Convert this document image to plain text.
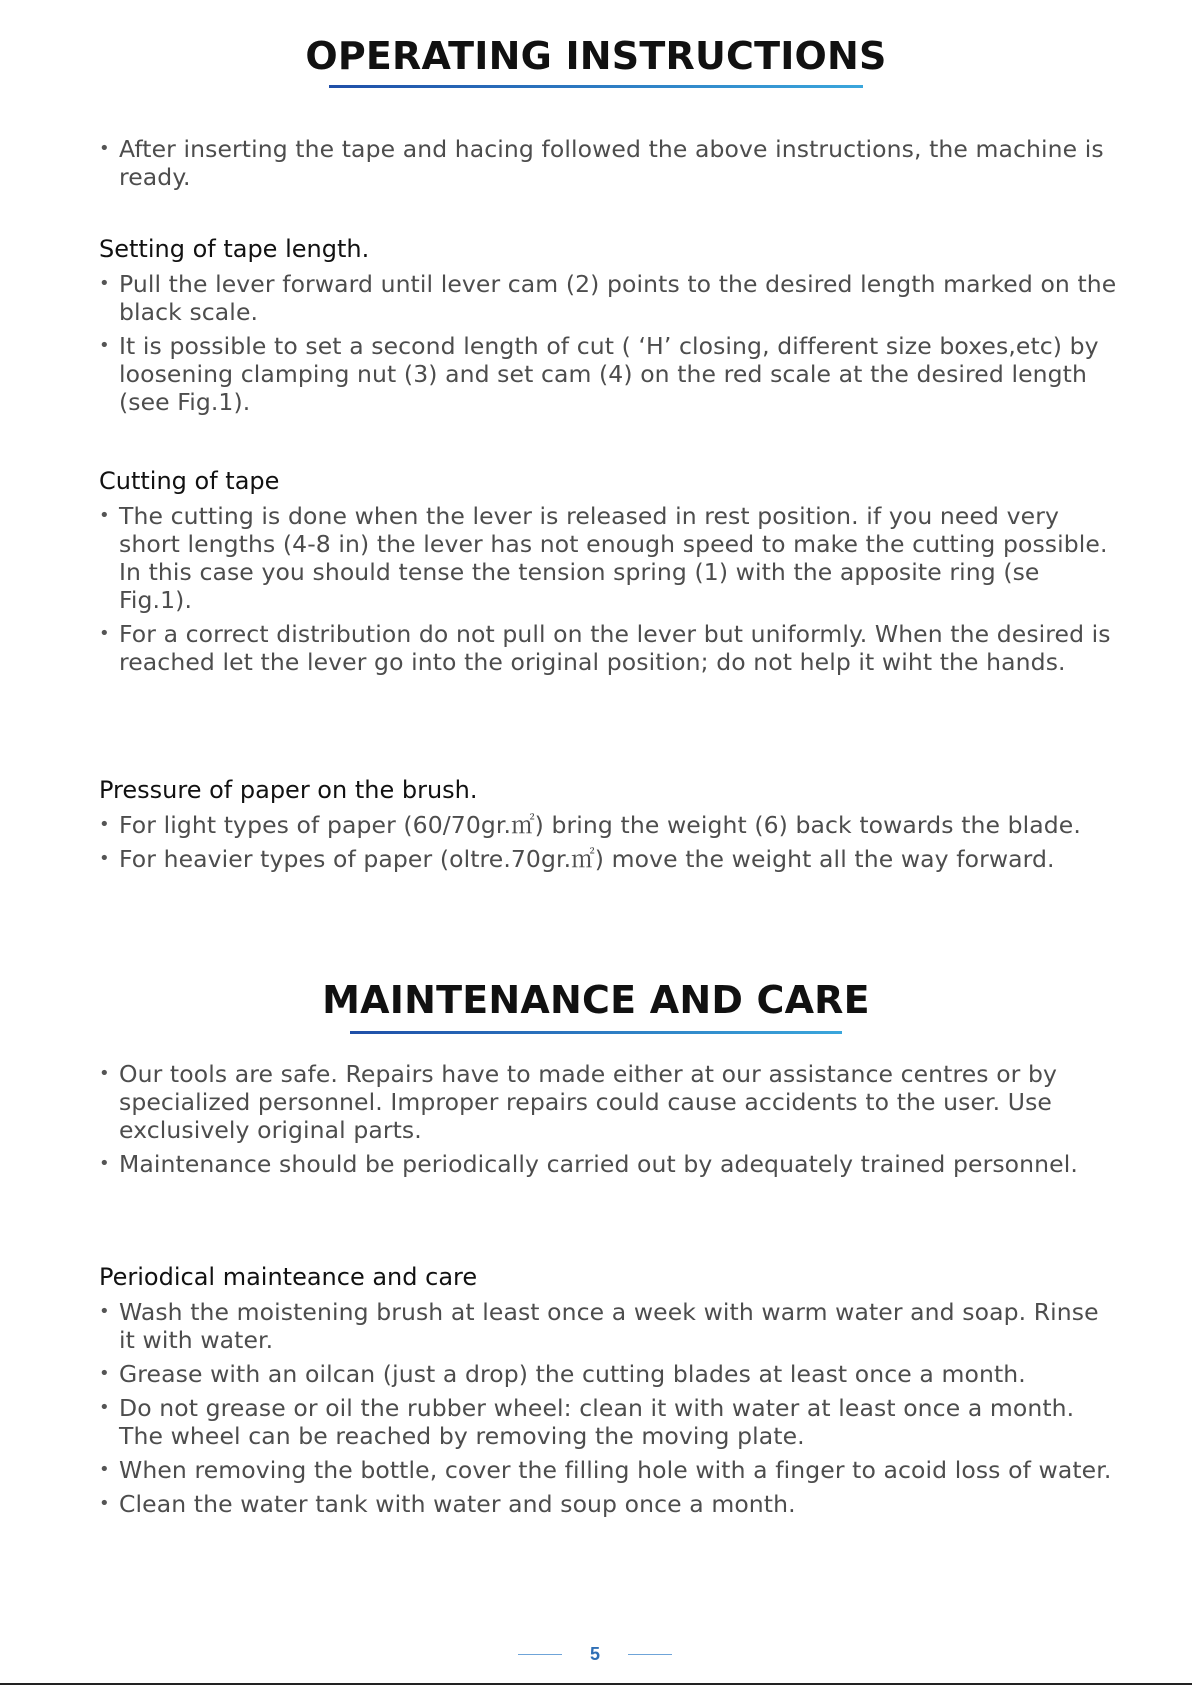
OPERATING INSTRUCTIONS
• After inserting the tape and hacing followed the above instructions, the machine is ready.
Setting of tape length.
• Pull the lever forward until lever cam (2) points to the desired length marked on the black scale.
• It is possible to set a second length of cut ( ‘H’ closing, different size boxes,etc) by loosening clamping nut (3) and set cam (4) on the red scale at the desired length (see Fig.1).
Cutting of tape
• The cutting is done when the lever is released in rest position. if you need very short lengths (4-8 in) the lever has not enough speed to make the cutting possible. In this case you should tense the tension spring (1) with the apposite ring (se Fig.1).
• For a correct distribution do not pull on the lever but uniformly. When the desired is reached let the lever go into the original position; do not help it wiht the hands.
Pressure of paper on the brush.
• For light types of paper (60/70gr.㎡) bring the weight (6) back towards the blade.
• For heavier types of paper (oltre.70gr.㎡) move the weight all the way forward.
MAINTENANCE AND CARE
• Our tools are safe. Repairs have to made either at our assistance centres or by specialized personnel. Improper repairs could cause accidents to the user. Use exclusively original parts.
• Maintenance should be periodically carried out by adequately trained personnel.
Periodical mainteance and care
• Wash the moistening brush at least once a week with warm water and soap. Rinse it with water.
• Grease with an oilcan (just a drop) the cutting blades at least once a month.
• Do not grease or oil the rubber wheel: clean it with water at least once a month. The wheel can be reached by removing the moving plate.
• When removing the bottle, cover the filling hole with a finger to acoid loss of water.
• Clean the water tank with water and soup once a month.
5
